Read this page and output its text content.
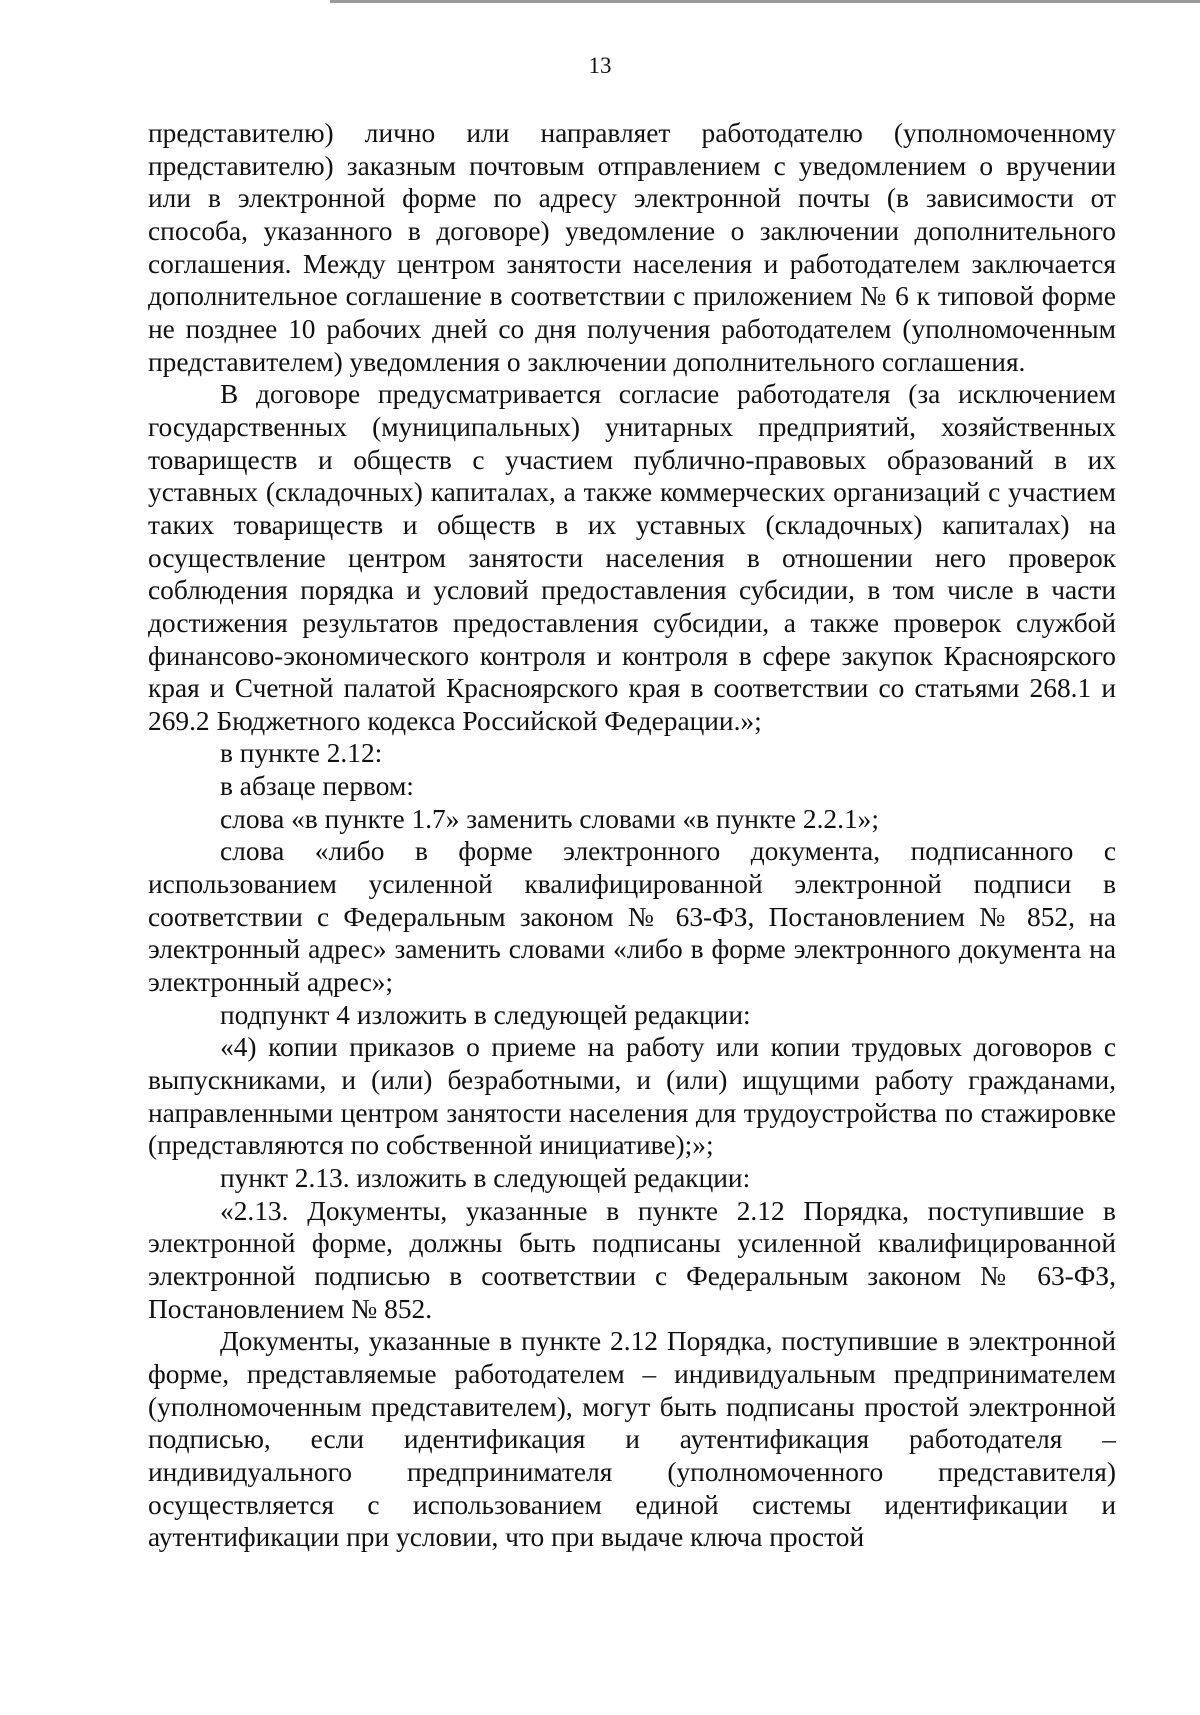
13

представителю) лично или направляет работодателю (уполномоченному представителю) заказным почтовым отправлением с уведомлением о вручении или в электронной форме по адресу электронной почты (в зависимости от способа, указанного в договоре) уведомление о заключении дополнительного соглашения. Между центром занятости населения и работодателем заключается дополнительное соглашение в соответствии с приложением № 6 к типовой форме не позднее 10 рабочих дней со дня получения работодателем (уполномоченным представителем) уведомления о заключении дополнительного соглашения.

В договоре предусматривается согласие работодателя (за исключением государственных (муниципальных) унитарных предприятий, хозяйственных товариществ и обществ с участием публично-правовых образований в их уставных (складочных) капиталах, а также коммерческих организаций с участием таких товариществ и обществ в их уставных (складочных) капиталах) на осуществление центром занятости населения в отношении него проверок соблюдения порядка и условий предоставления субсидии, в том числе в части достижения результатов предоставления субсидии, а также проверок службой финансово-экономического контроля и контроля в сфере закупок Красноярского края и Счетной палатой Красноярского края в соответствии со статьями 268.1 и 269.2 Бюджетного кодекса Российской Федерации.»;

в пункте 2.12:

в абзаце первом:

слова «в пункте 1.7» заменить словами «в пункте 2.2.1»;

слова «либо в форме электронного документа, подписанного с использованием усиленной квалифицированной электронной подписи в соответствии с Федеральным законом № 63-ФЗ, Постановлением № 852, на электронный адрес» заменить словами «либо в форме электронного документа на электронный адрес»;

подпункт 4 изложить в следующей редакции:

«4) копии приказов о приеме на работу или копии трудовых договоров с выпускниками, и (или) безработными, и (или) ищущими работу гражданами, направленными центром занятости населения для трудоустройства по стажировке (представляются по собственной инициативе);»;

пункт 2.13. изложить в следующей редакции:

«2.13. Документы, указанные в пункте 2.12 Порядка, поступившие в электронной форме, должны быть подписаны усиленной квалифицированной электронной подписью в соответствии с Федеральным законом № 63-ФЗ, Постановлением № 852.

Документы, указанные в пункте 2.12 Порядка, поступившие в электронной форме, представляемые работодателем – индивидуальным предпринимателем (уполномоченным представителем), могут быть подписаны простой электронной подписью, если идентификация и аутентификация работодателя – индивидуального предпринимателя (уполномоченного представителя) осуществляется с использованием единой системы идентификации и аутентификации при условии, что при выдаче ключа простой
